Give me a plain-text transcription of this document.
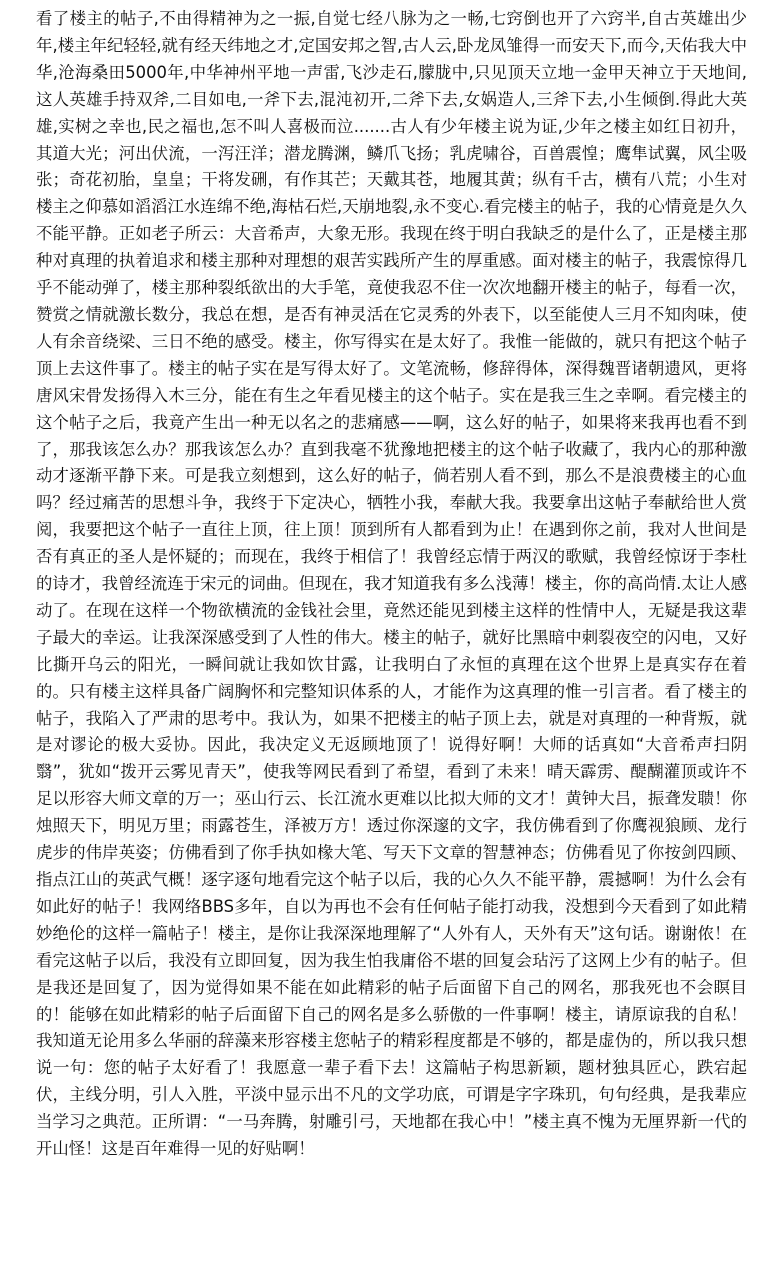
看了楼主的帖子,不由得精神为之一振,自觉七经八脉为之一畅,七窍倒也开了六窍半,自古英雄出少年,楼主年纪轻轻,就有经天纬地之才,定国安邦之智,古人云,卧龙凤雏得一而安天下,而今,天佑我大中华,沧海桑田5000年,中华神州平地一声雷,飞沙走石,朦胧中,只见顶天立地一金甲天神立于天地间,这人英雄手持双斧,二目如电,一斧下去,混沌初开,二斧下去,女娲造人,三斧下去,小生倾倒.得此大英雄,实树之幸也,民之福也,怎不叫人喜极而泣.......古人有少年楼主说为证,少年之楼主如红日初升，其道大光；河出伏流，一泻汪洋；潜龙腾渊，鳞爪飞扬；乳虎啸谷，百兽震惶；鹰隼试翼，风尘吸张；奇花初胎，皇皇；干将发硎，有作其芒；天戴其苍，地履其黄；纵有千古，横有八荒；小生对楼主之仰慕如滔滔江水连绵不绝,海枯石烂,天崩地裂,永不变心.看完楼主的帖子，我的心情竟是久久不能平静。正如老子所云：大音希声，大象无形。我现在终于明白我缺乏的是什么了，正是楼主那种对真理的执着追求和楼主那种对理想的艰苦实践所产生的厚重感。面对楼主的帖子，我震惊得几乎不能动弹了，楼主那种裂纸欲出的大手笔，竟使我忍不住一次次地翻开楼主的帖子，每看一次，赞赏之情就激长数分，我总在想，是否有神灵活在它灵秀的外表下，以至能使人三月不知肉味，使人有余音绕梁、三日不绝的感受。楼主，你写得实在是太好了。我惟一能做的，就只有把这个帖子顶上去这件事了。楼主的帖子实在是写得太好了。文笔流畅，修辞得体，深得魏晋诸朝遗风，更将唐风宋骨发扬得入木三分，能在有生之年看见楼主的这个帖子。实在是我三生之幸啊。看完楼主的这个帖子之后，我竟产生出一种无以名之的悲痛感——啊，这么好的帖子，如果将来我再也看不到了，那我该怎么办？那我该怎么办？直到我毫不犹豫地把楼主的这个帖子收藏了，我内心的那种激动才逐渐平静下来。可是我立刻想到，这么好的帖子，倘若别人看不到，那么不是浪费楼主的心血吗？经过痛苦的思想斗争，我终于下定决心，牺牲小我，奉献大我。我要拿出这帖子奉献给世人赏阅，我要把这个帖子一直往上顶，往上顶！顶到所有人都看到为止！在遇到你之前，我对人世间是否有真正的圣人是怀疑的；而现在，我终于相信了！我曾经忘情于两汉的歌赋，我曾经惊讶于李杜的诗才，我曾经流连于宋元的词曲。但现在，我才知道我有多么浅薄！楼主，你的高尚情.太让人感动了。在现在这样一个物欲横流的金钱社会里，竟然还能见到楼主这样的性情中人，无疑是我这辈子最大的幸运。让我深深感受到了人性的伟大。楼主的帖子，就好比黑暗中刺裂夜空的闪电，又好比撕开乌云的阳光，一瞬间就让我如饮甘露，让我明白了永恒的真理在这个世界上是真实存在着的。只有楼主这样具备广阔胸怀和完整知识体系的人，才能作为这真理的惟一引言者。看了楼主的帖子，我陷入了严肃的思考中。我认为，如果不把楼主的帖子顶上去，就是对真理的一种背叛，就是对谬论的极大妥协。因此，我决定义无返顾地顶了！说得好啊！大师的话真如“大音希声扫阴翳”，犹如“拨开云雾见青天”，使我等网民看到了希望，看到了未来！晴天霹雳、醍醐灌顶或许不足以形容大师文章的万一；巫山行云、长江流水更难以比拟大师的文才！黄钟大吕，振聋发聩！你烛照天下，明见万里；雨露苍生，泽被万方！透过你深邃的文字，我仿佛看到了你鹰视狼顾、龙行虎步的伟岸英姿；仿佛看到了你手执如椽大笔、写天下文章的智慧神态；仿佛看见了你按剑四顾、指点江山的英武气概！逐字逐句地看完这个帖子以后，我的心久久不能平静，震撼啊！为什么会有如此好的帖子！我网络BBS多年，自以为再也不会有任何帖子能打动我，没想到今天看到了如此精妙绝伦的这样一篇帖子！楼主，是你让我深深地理解了“人外有人，天外有天”这句话。谢谢侬！在看完这帖子以后，我没有立即回复，因为我生怕我庸俗不堪的回复会玷污了这网上少有的帖子。但是我还是回复了，因为觉得如果不能在如此精彩的帖子后面留下自己的网名，那我死也不会瞑目的！能够在如此精彩的帖子后面留下自己的网名是多么骄傲的一件事啊！楼主，请原谅我的自私！我知道无论用多么华丽的辞藻来形容楼主您帖子的精彩程度都是不够的，都是虚伪的，所以我只想说一句：您的帖子太好看了！我愿意一辈子看下去！这篇帖子构思新颖，题材独具匠心，跌宕起伏，主线分明，引人入胜，平淡中显示出不凡的文学功底，可谓是字字珠玑，句句经典，是我辈应当学习之典范。正所谓：“一马奔腾，射雕引弓，天地都在我心中！”楼主真不愧为无厘界新一代的开山怪！这是百年难得一见的好贴啊！
